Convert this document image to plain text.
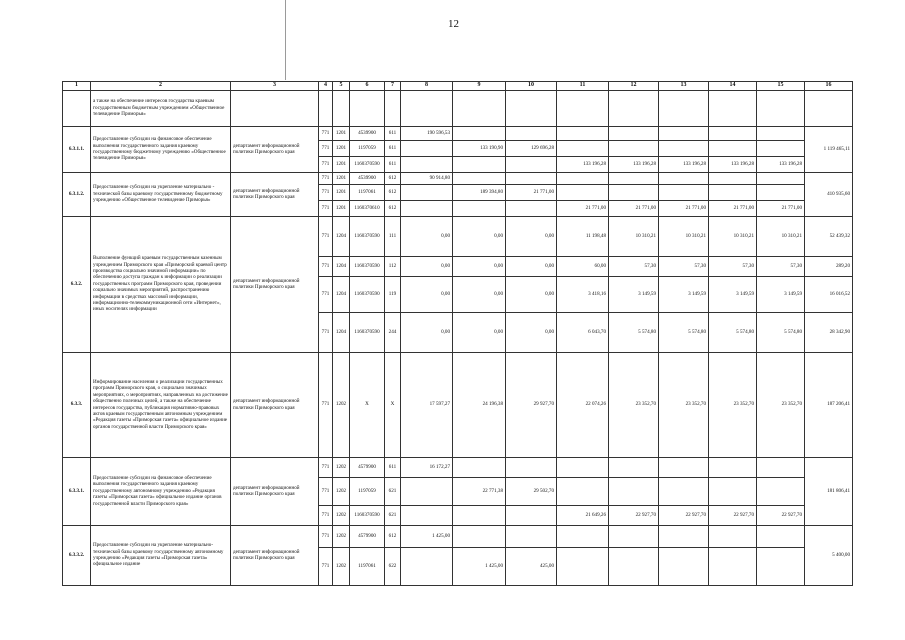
12
1	2	3	4	5	6	7	8	9	10	11	12	13	14	15	16
	а также на обеспечение интересов государства краевым государственным бюджетным учреждением «Общественное телевидение Приморья»														
6.3.1.1.	Предоставление субсидии на финансовое обеспечение выполнения государственного задания краевому государственному бюджетному учреждению «Общественное телевидение Приморья»	департамент информационной политики Приморского края	771	1201	4539900	611	190 596,53								1 119 465,11
			771	1201	1197059	611		133 190,90	129 696,28						
			771	1201	1160370590	611				133 196,28	133 196,28	133 196,28	133 196,28	133 196,28	
6.3.1.2.	Предоставление субсидии на укрепление материально - технической базы краевому государственному бюджетному учреждению «Общественное телевидение Приморья»	департамент информационной политики Приморского края	771	1201	4539900	612	90 914,80								410 935,60
			771	1201	1197061	612		189 394,80	21 771,00						
			771	1201	1160370610	612				21 771,00	21 771,00	21 771,00	21 771,00	21 771,00	
6.3.2.	Выполнение функций краевым государственным казенным учреждением Приморского края «Приморский краевой центр производства социально значимой информации» по обеспечению доступа граждан к информации о реализации государственных программ Приморского края, проведении социально значимых мероприятий, распространению информации в средствах массовой информации, информационно-телекоммуникационной сети «Интернет», иных носителях информации	департамент информационной политики Приморского края	771	1204	1160370590	111	0,00	0,00	0,00	11 198,48	10 310,21	10 310,21	10 310,21	10 310,21	52 439,32
			771	1204	1160370590	112	0,00	0,00	0,00	60,00	57,30	57,30	57,30	57,30	289,20
			771	1204	1160370590	119	0,00	0,00	0,00	3 418,16	3 149,59	3 149,59	3 149,59	3 149,59	16 016,52
			771	1204	1160370590	244	0,00	0,00	0,00	6 043,70	5 574,80	5 574,80	5 574,80	5 574,80	28 342,90
6.3.3.	Информирование населения о реализации государственных программ Приморского края, о социально значимых мероприятиях, о мероприятиях, направленных на достижение общественно полезных целей, а также на обеспечение интересов государства, публикация нормативно-правовых актов краевым государственным автономным учреждением «Редакция газеты «Приморская газета» официальное издание органов государственной власти Приморского края»	департамент информационной политики Приморского края	771	1202	X	X	17 597,27	24 196,38	29 927,70	22 074,26	23 352,70	23 352,70	23 352,70	23 352,70	187 206,41
6.3.3.1.	Предоставление субсидии на финансовое обеспечение выполнения государственного задания краевому государственному автономному учреждению «Редакция газеты «Приморская газета» официальное издание органов государственной власти Приморского края»	департамент информационной политики Приморского края	771	1202	4579900	611	16 172,27								181 806,41
			771	1202	1197059	621		22 771,38	29 502,70						
			771	1202	1160370590	621				21 649,26	22 927,70	22 927,70	22 927,70	22 927,70	
6.3.3.2.	Предоставление субсидии на укрепление материально-технической базы краевому государственному автономному учреждению «Редакция газеты «Приморская газета» официальное издание	департамент информационной политики Приморского края	771	1202	4579900	612	1 425,00								5 400,00
			771	1202	1197061	622		1 425,00	425,00						
